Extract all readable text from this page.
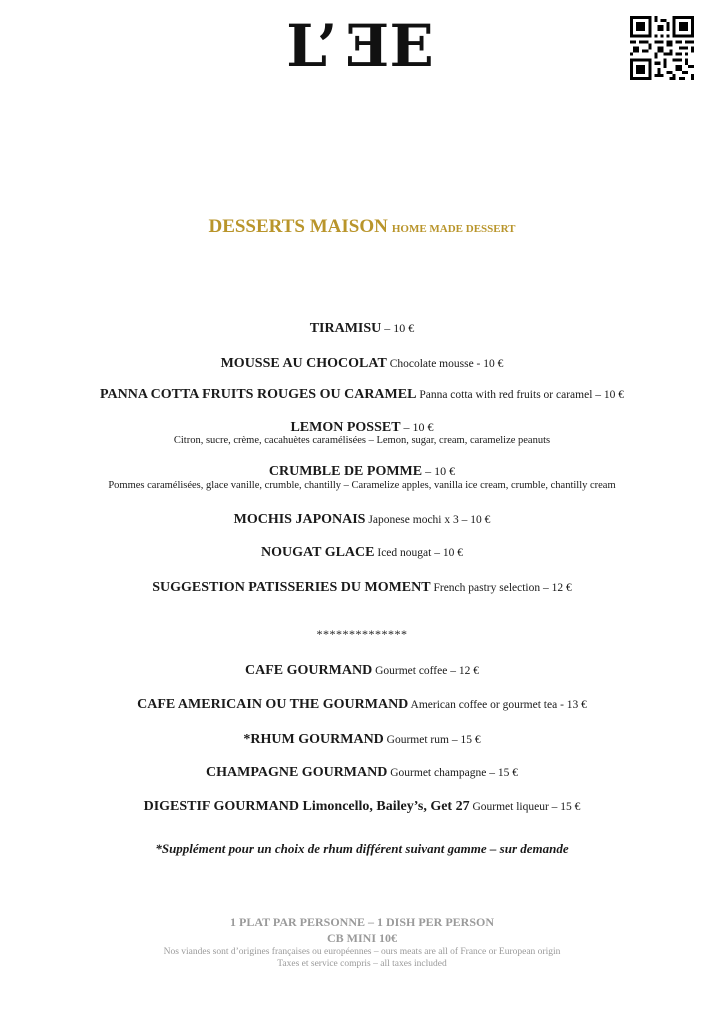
L’EE
DESSERTS MAISON HOME MADE DESSERT
TIRAMISU – 10 €
MOUSSE AU CHOCOLAT Chocolate mousse - 10 €
PANNA COTTA FRUITS ROUGES OU CARAMEL Panna cotta with red fruits or caramel – 10 €
LEMON POSSET – 10 €
Citron, sucre, crème, cacahuètes caramélisées – Lemon, sugar, cream, caramelize peanuts
CRUMBLE DE POMME – 10 €
Pommes caramélisées, glace vanille, crumble, chantilly – Caramelize apples, vanilla ice cream, crumble, chantilly cream
MOCHIS JAPONAIS Japonese mochi x 3 – 10 €
NOUGAT GLACE Iced nougat – 10 €
SUGGESTION PATISSERIES DU MOMENT French pastry selection – 12 €
**************
CAFE GOURMAND Gourmet coffee – 12 €
CAFE AMERICAIN OU THE GOURMAND American coffee or gourmet tea - 13 €
*RHUM GOURMAND Gourmet rum – 15 €
CHAMPAGNE GOURMAND Gourmet champagne – 15 €
DIGESTIF GOURMAND Limoncello, Bailey’s, Get 27 Gourmet liqueur – 15 €
*Supplément pour un choix de rhum différent suivant gamme – sur demande
1 PLAT PAR PERSONNE – 1 DISH PER PERSON
CB MINI 10€
Nos viandes sont d’origines françaises ou européennes – ours meats are all of France or European origin
Taxes et service compris – all taxes included
